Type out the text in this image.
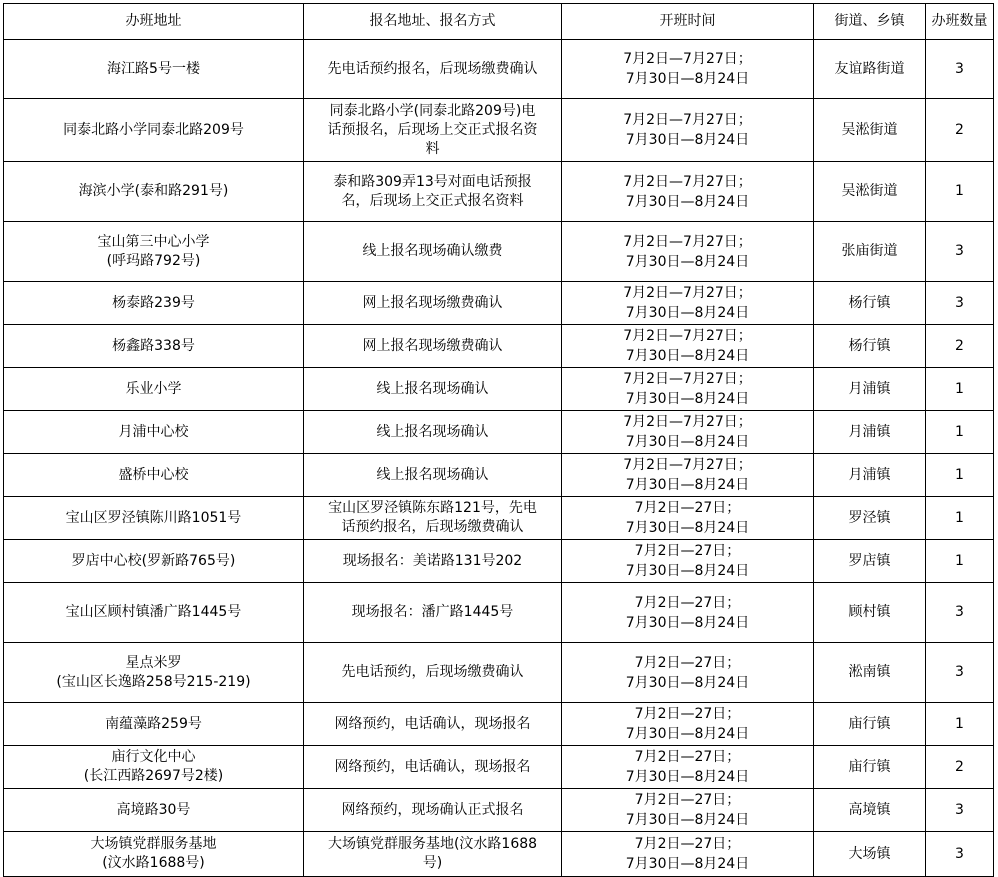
办班地址	报名地址、报名方式	开班时间	街道、乡镇	办班数量

海江路5号一楼	先电话预约报名，后现场缴费确认	7月2日—7月27日；
7月30日—8月24日	友谊路街道	3

同泰北路小学同泰北路209号	同泰北路小学(同泰北路209号)电
话预报名，后现场上交正式报名资
料	7月2日—7月27日；
7月30日—8月24日	吴淞街道	2

海滨小学(泰和路291号)	泰和路309弄13号对面电话预报
名，后现场上交正式报名资料	7月2日—7月27日；
7月30日—8月24日	吴淞街道	1

宝山第三中心小学
(呼玛路792号)	线上报名现场确认缴费	7月2日—7月27日；
7月30日—8月24日	张庙街道	3

杨泰路239号	网上报名现场缴费确认	7月2日—7月27日；
7月30日—8月24日	杨行镇	3

杨鑫路338号	网上报名现场缴费确认	7月2日—7月27日；
7月30日—8月24日	杨行镇	2

乐业小学	线上报名现场确认	7月2日—7月27日；
7月30日—8月24日	月浦镇	1

月浦中心校	线上报名现场确认	7月2日—7月27日；
7月30日—8月24日	月浦镇	1

盛桥中心校	线上报名现场确认	7月2日—7月27日；
7月30日—8月24日	月浦镇	1

宝山区罗泾镇陈川路1051号	宝山区罗泾镇陈东路121号，先电
话预约报名，后现场缴费确认	7月2日—27日；
7月30日—8月24日	罗泾镇	1

罗店中心校(罗新路765号)	现场报名：美诺路131号202	7月2日—27日；
7月30日—8月24日	罗店镇	1

宝山区顾村镇潘广路1445号	现场报名：潘广路1445号	7月2日—27日；
7月30日—8月24日	顾村镇	3

星点米罗
(宝山区长逸路258号215-219)	先电话预约，后现场缴费确认	7月2日—27日；
7月30日—8月24日	淞南镇	3

南蕴藻路259号	网络预约，电话确认，现场报名	7月2日—27日；
7月30日—8月24日	庙行镇	1

庙行文化中心
(长江西路2697号2楼)	网络预约，电话确认，现场报名	7月2日—27日；
7月30日—8月24日	庙行镇	2

高境路30号	网络预约，现场确认正式报名	7月2日—27日；
7月30日—8月24日	高境镇	3

大场镇党群服务基地
(汶水路1688号)	大场镇党群服务基地(汶水路1688
号)	7月2日—27日；
7月30日—8月24日	大场镇	3
